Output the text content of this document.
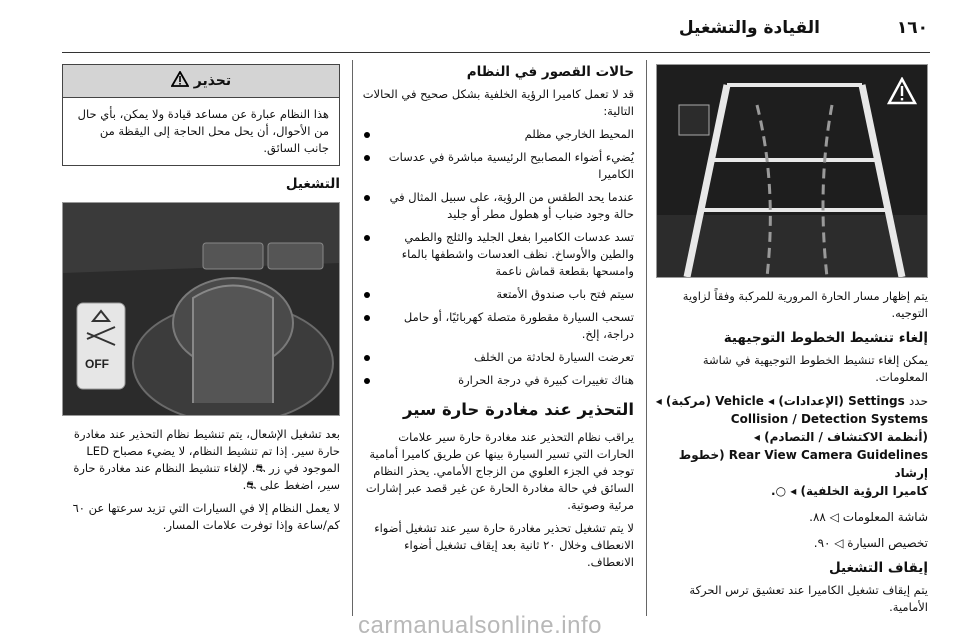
القيادة والتشغيل	١٦٠

يتم إظهار مسار الحارة المرورية للمركبة وفقاً لزاوية التوجيه.

إلغاء تنشيط الخطوط التوجيهية

يمكن إلغاء تنشيط الخطوط التوجيهية في شاشة المعلومات.

حدد Settings (الإعدادات) ◂ Vehicle (مركبة) ◂

Collision / Detection Systems

(أنظمة الاكتشاف / التصادم) ◂

Rear View Camera Guidelines (خطوط إرشاد

كاميرا الرؤية الخلفية) ◂ ○.

شاشة المعلومات ◁ ٨٨.

تخصيص السيارة ◁ ٩٠.

إيقاف التشغيل

يتم إيقاف تشغيل الكاميرا عند تعشيق ترس الحركة الأمامية.

حالات القصور في النظام

قد لا تعمل كاميرا الرؤية الخلفية بشكل صحيح في الحالات التالية:

المحيط الخارجي مظلم
يُضيء أضواء المصابيح الرئيسية مباشرة في عدسات الكاميرا
عندما يحد الطقس من الرؤية، على سبيل المثال في حالة وجود ضباب أو هطول مطر أو جليد
تسد عدسات الكاميرا بفعل الجليد والثلج والطمي والطين والأوساخ. نظف العدسات واشطفها بالماء وامسحها بقطعة قماش ناعمة
سيتم فتح باب صندوق الأمتعة
تسحب السيارة مقطورة متصلة كهربائيًا، أو حامل دراجة، إلخ.
تعرضت السيارة لحادثة من الخلف
هناك تغييرات كبيرة في درجة الحرارة
التحذير عند مغادرة حارة سير

يراقب نظام التحذير عند مغادرة حارة سير علامات الحارات التي تسير السيارة بينها عن طريق كاميرا أمامية توجد في الجزء العلوي من الزجاج الأمامي. يحذر النظام السائق في حالة مغادرة الحارة عن غير قصد عبر إشارات مرئية وصوتية.

لا يتم تشغيل تحذير مغادرة حارة سير عند تشغيل أضواء الانعطاف وخلال ٢٠ ثانية بعد إيقاف تشغيل أضواء الانعطاف.

تحذير
هذا النظام عبارة عن مساعد قيادة ولا يمكن، بأي حال من الأحوال، أن يحل محل الحاجة إلى اليقظة من جانب السائق.
التشغيل
OFF

بعد تشغيل الإشعال، يتم تنشيط نظام التحذير عند مغادرة حارة سير. إذا تم تنشيط النظام، لا يضيء مصباح LED الموجود في زر ⛐. لإلغاء تنشيط النظام عند مغادرة حارة سير، اضغط على ⛐.

لا يعمل النظام إلا في السيارات التي تزيد سرعتها عن ٦٠ كم/ساعة وإذا توفرت علامات المسار.

carmanualsonline.info
